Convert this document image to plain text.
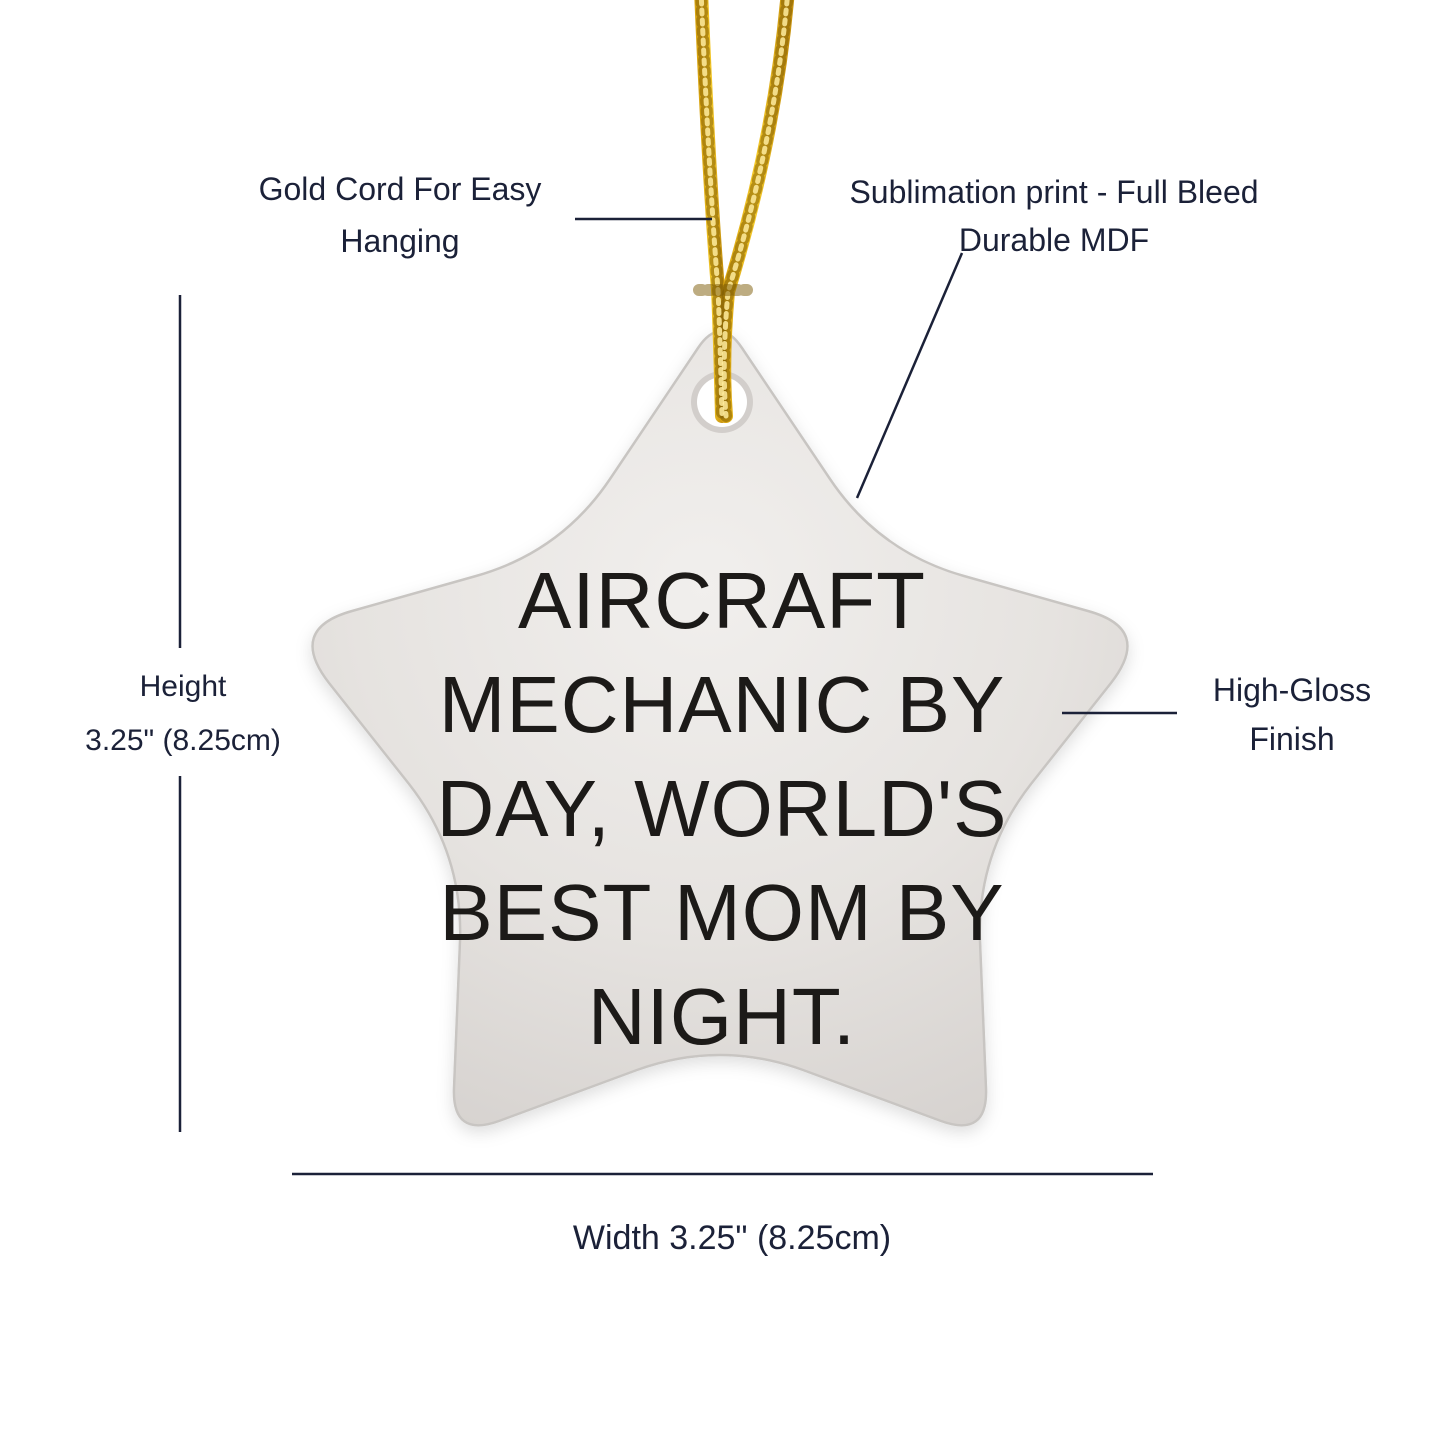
AIRCRAFT
MECHANIC BY
DAY, WORLD'S
BEST MOM BY
NIGHT.
Gold Cord For Easy
Hanging
Sublimation print - Full Bleed
Durable MDF
Height
3.25" (8.25cm)
High-Gloss
Finish
Width 3.25" (8.25cm)
